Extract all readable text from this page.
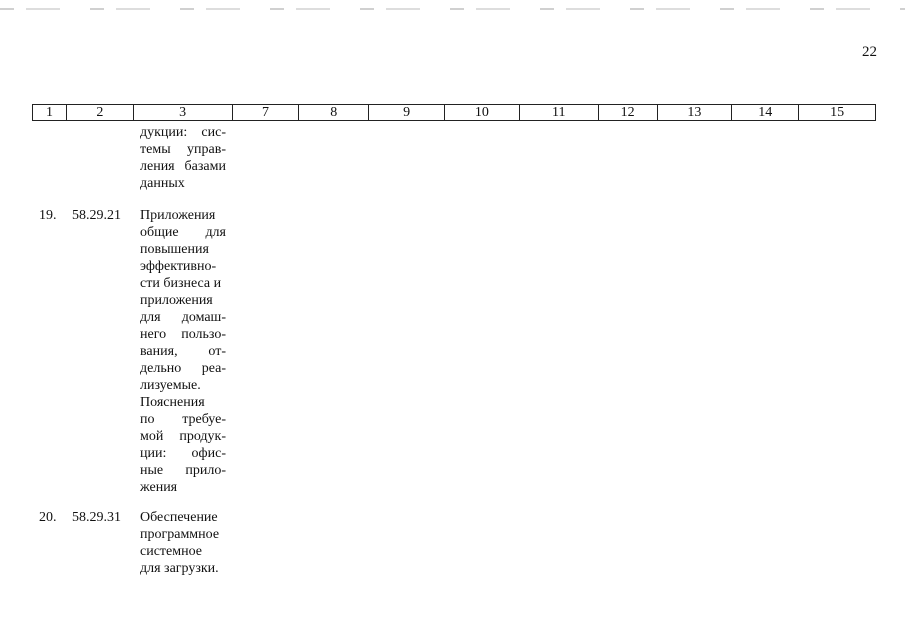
22
1	2	3	7	8	9	10	11	12	13	14	15
дукции: сис-
темы управ-
ления базами
данных
19. 58.29.21 Приложения
общие для
повышения
эффективно-
сти бизнеса и
приложения
для домаш-
него пользо-
вания, от-
дельно реа-
лизуемые.
Пояснения
по требуе-
мой продук-
ции: офис-
ные прило-
жения
20. 58.29.31 Обеспечение
программное
системное
для загрузки.
